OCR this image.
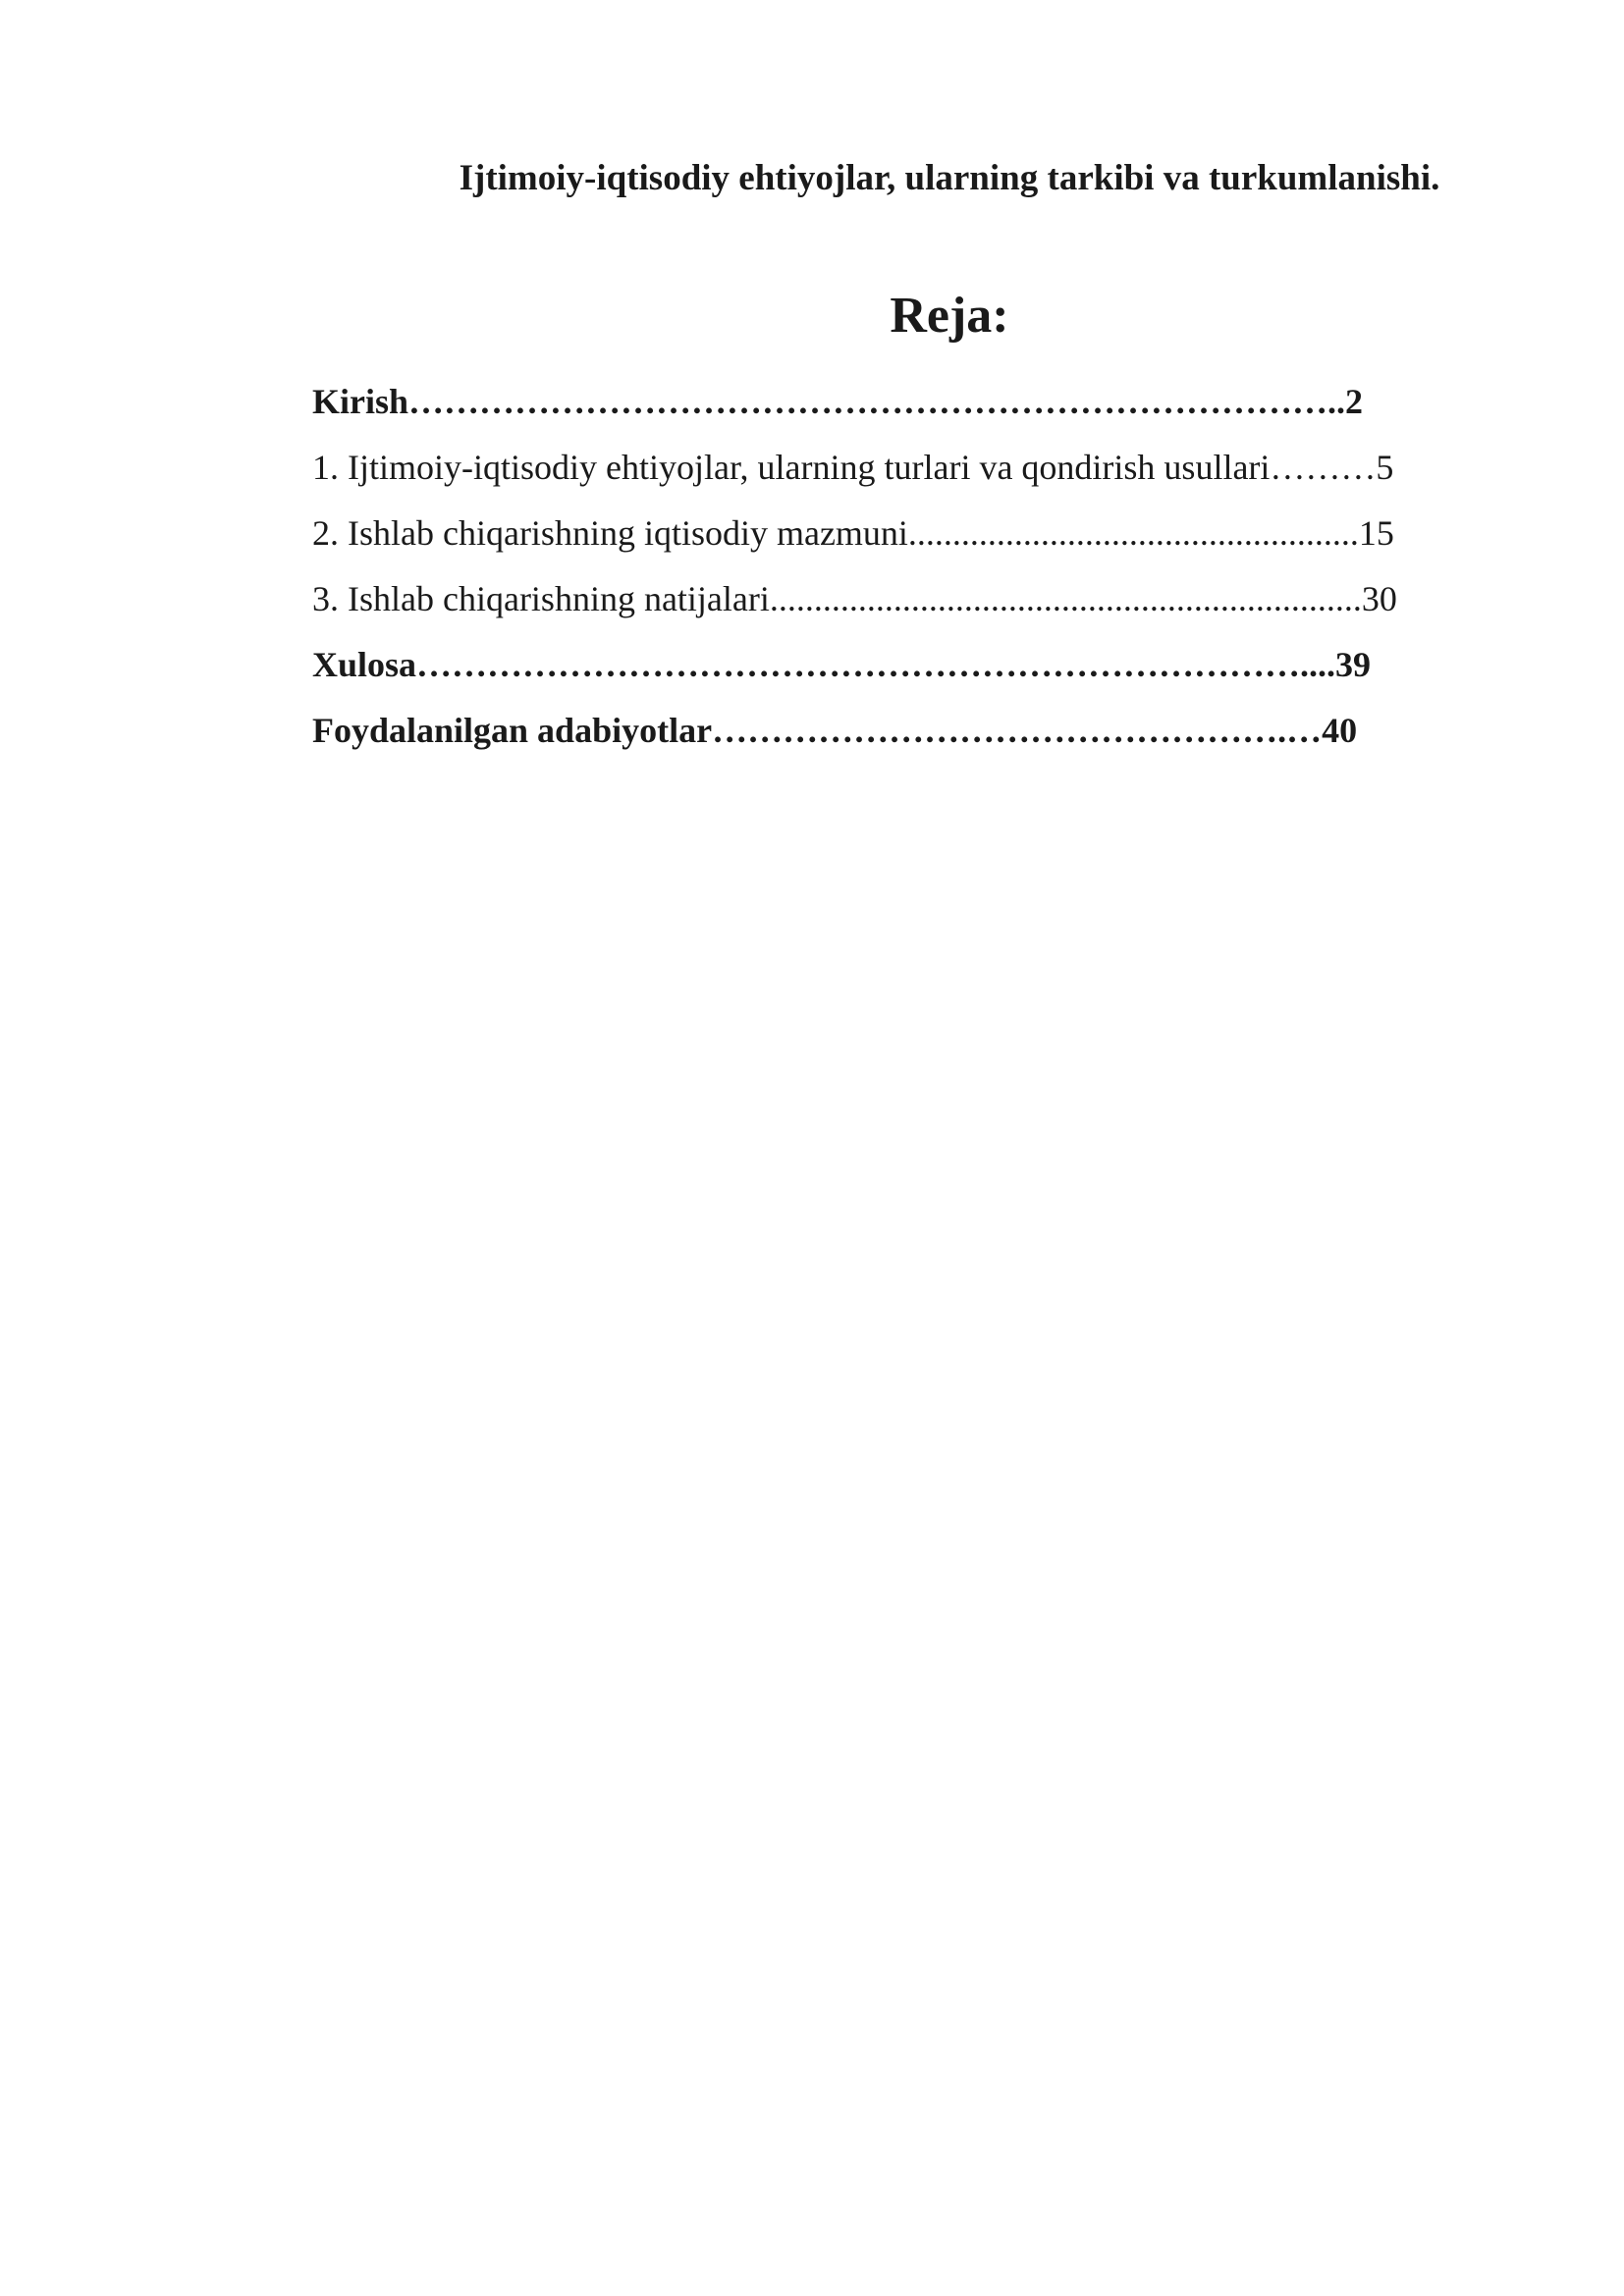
Ijtimoiy-iqtisodiy ehtiyojlar, ularning tarkibi va turkumlanishi.
Reja:
Kirish……………………………………………………………………..2
1. Ijtimoiy-iqtisodiy ehtiyojlar, ularning turlari va qondirish usullari………5
2. Ishlab chiqarishning iqtisodiy mazmuni...................................................15
3. Ishlab chiqarishning natijalari...................................................................30
Xulosa…………………………………………………………………....39
Foydalanilgan adabiyotlar………………………………………….…40
